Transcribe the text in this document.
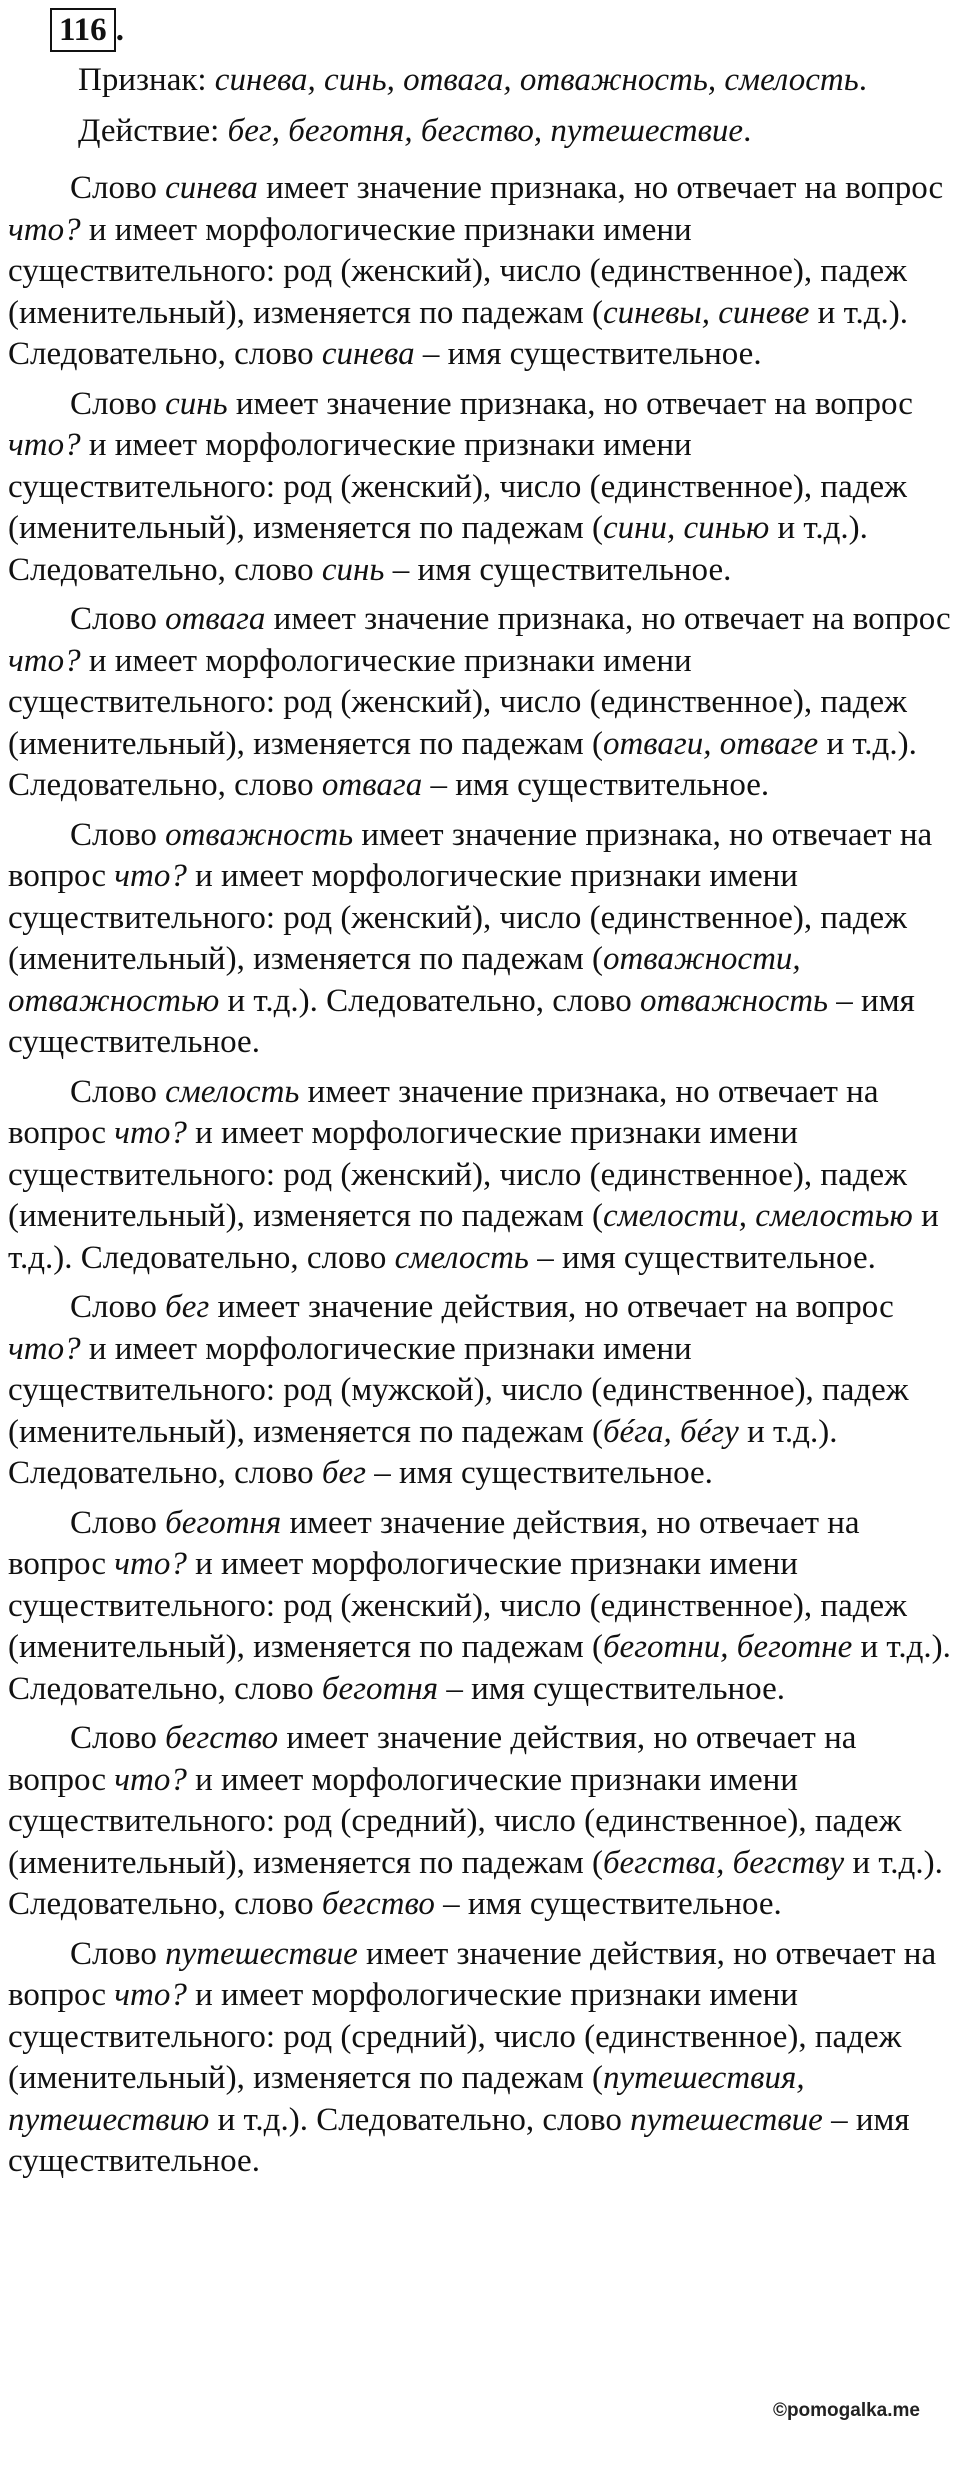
116 .
Признак: синева, синь, отвага, отважность, смелость.
Действие: бег, беготня, бегство, путешествие.

Слово синева имеет значение признака, но отвечает на вопрос что? и имеет морфологические признаки имени существительного: род (женский), число (единственное), падеж (именительный), изменяется по падежам (синевы, синеве и т.д.). Следовательно, слово синева – имя существительное.

Слово синь имеет значение признака, но отвечает на вопрос что? и имеет морфологические признаки имени существительного: род (женский), число (единственное), падеж (именительный), изменяется по падежам (сини, синью и т.д.). Следовательно, слово синь – имя существительное.

Слово отвага имеет значение признака, но отвечает на вопрос что? и имеет морфологические признаки имени существительного: род (женский), число (единственное), падеж (именительный), изменяется по падежам (отваги, отваге и т.д.). Следовательно, слово отвага – имя существительное.

Слово отважность имеет значение признака, но отвечает на вопрос что? и имеет морфологические признаки имени существительного: род (женский), число (единственное), падеж (именительный), изменяется по падежам (отважности, отважностью и т.д.). Следовательно, слово отважность – имя существительное.

Слово смелость имеет значение признака, но отвечает на вопрос что? и имеет морфологические признаки имени существительного: род (женский), число (единственное), падеж (именительный), изменяется по падежам (смелости, смелостью и т.д.). Следовательно, слово смелость – имя существительное.

Слово бег имеет значение действия, но отвечает на вопрос что? и имеет морфологические признаки имени существительного: род (мужской), число (единственное), падеж (именительный), изменяется по падежам (бéга, бéгу и т.д.). Следовательно, слово бег – имя существительное.

Слово беготня имеет значение действия, но отвечает на вопрос что? и имеет морфологические признаки имени существительного: род (женский), число (единственное), падеж (именительный), изменяется по падежам (беготни, беготне и т.д.). Следовательно, слово беготня – имя существительное.

Слово бегство имеет значение действия, но отвечает на вопрос что? и имеет морфологические признаки имени существительного: род (средний), число (единственное), падеж (именительный), изменяется по падежам (бегства, бегству и т.д.). Следовательно, слово бегство – имя существительное.

Слово путешествие имеет значение действия, но отвечает на вопрос что? и имеет морфологические признаки имени существительного: род (средний), число (единственное), падеж (именительный), изменяется по падежам (путешествия, путешествию и т.д.). Следовательно, слово путешествие – имя существительное.

©pomogalka.me
